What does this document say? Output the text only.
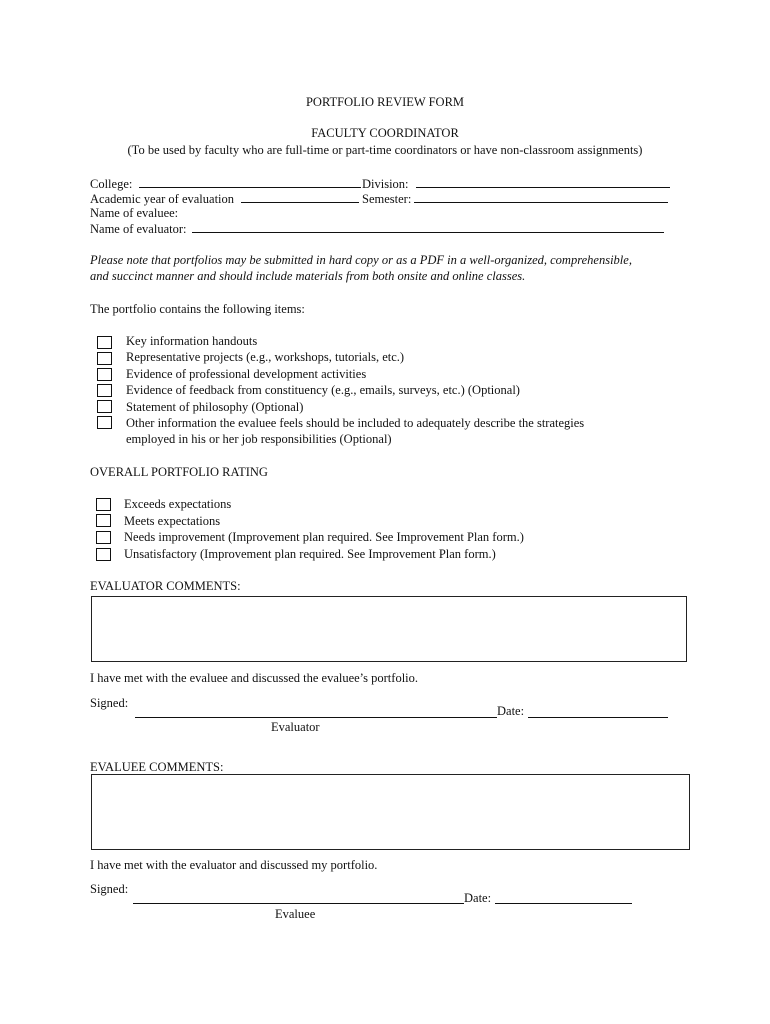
PORTFOLIO REVIEW FORM
FACULTY COORDINATOR
(To be used by faculty who are full-time or part-time coordinators or have non-classroom assignments)
College:	Division:
Academic year of evaluation	Semester:
Name of evaluee:
Name of evaluator:
Please note that portfolios may be submitted in hard copy or as a PDF in a well-organized, comprehensible,
and succinct manner and should include materials from both onsite and online classes.
The portfolio contains the following items:
Key information handouts
Representative projects (e.g., workshops, tutorials, etc.)
Evidence of professional development activities
Evidence of feedback from constituency (e.g., emails, surveys, etc.) (Optional)
Statement of philosophy (Optional)
Other information the evaluee feels should be included to adequately describe the strategies
employed in his or her job responsibilities (Optional)
OVERALL PORTFOLIO RATING
Exceeds expectations
Meets expectations
Needs improvement (Improvement plan required. See Improvement Plan form.)
Unsatisfactory (Improvement plan required. See Improvement Plan form.)
EVALUATOR COMMENTS:
I have met with the evaluee and discussed the evaluee’s portfolio.
Signed:
Date:
Evaluator
EVALUEE COMMENTS:
I have met with the evaluator and discussed my portfolio.
Signed:
Date:
Evaluee
